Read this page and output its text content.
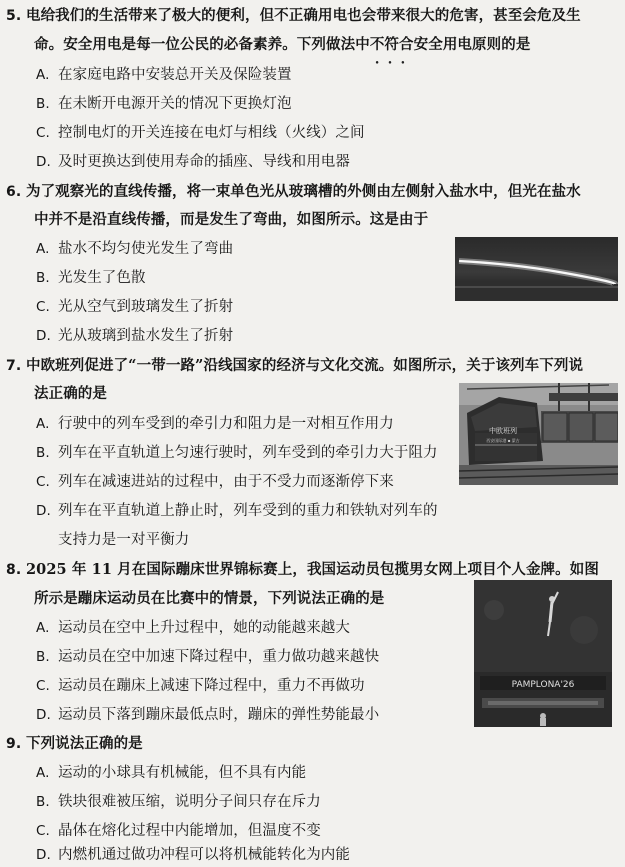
5. 电给我们的生活带来了极大的便利，但不正确用电也会带来很大的危害，甚至会危及生
命。安全用电是每一位公民的必备素养。下列做法中不符合 • • •安全用电原则的是
A. 在家庭电路中安装总开关及保险装置
B. 在未断开电源开关的情况下更换灯泡
C. 控制电灯的开关连接在电灯与相线（火线）之间
D. 及时更换达到使用寿命的插座、导线和用电器
6. 为了观察光的直线传播，将一束单色光从玻璃槽的外侧由左侧射入盐水中，但光在盐水
中并不是沿直线传播，而是发生了弯曲，如图所示。这是由于
A. 盐水不均匀使光发生了弯曲
B. 光发生了色散
C. 光从空气到玻璃发生了折射
D. 光从玻璃到盐水发生了折射
7. 中欧班列促进了“一带一路”沿线国家的经济与文化交流。如图所示，关于该列车下列说
法正确的是
A. 行驶中的列车受到的牵引力和阻力是一对相互作用力
B. 列车在平直轨道上匀速行驶时，列车受到的牵引力大于阻力
C. 列车在减速进站的过程中，由于不受力而逐渐停下来
D. 列车在平直轨道上静止时，列车受到的重力和铁轨对列车的
支持力是一对平衡力
中欧班列
西安国际港 ▪ 蒙古
8. 2025 年 11 月在国际蹦床世界锦标赛上，我国运动员包揽男女网上项目个人金牌。如图
所示是蹦床运动员在比赛中的情景，下列说法正确的是
A. 运动员在空中上升过程中，她的动能越来越大
B. 运动员在空中加速下降过程中，重力做功越来越快
C. 运动员在蹦床上减速下降过程中，重力不再做功
D. 运动员下落到蹦床最低点时，蹦床的弹性势能最小
PAMPLONA'26
9. 下列说法正确的是
A. 运动的小球具有机械能，但不具有内能
B. 铁块很难被压缩，说明分子间只存在斥力
C. 晶体在熔化过程中内能增加，但温度不变
D. 内燃机通过做功冲程可以将机械能转化为内能
